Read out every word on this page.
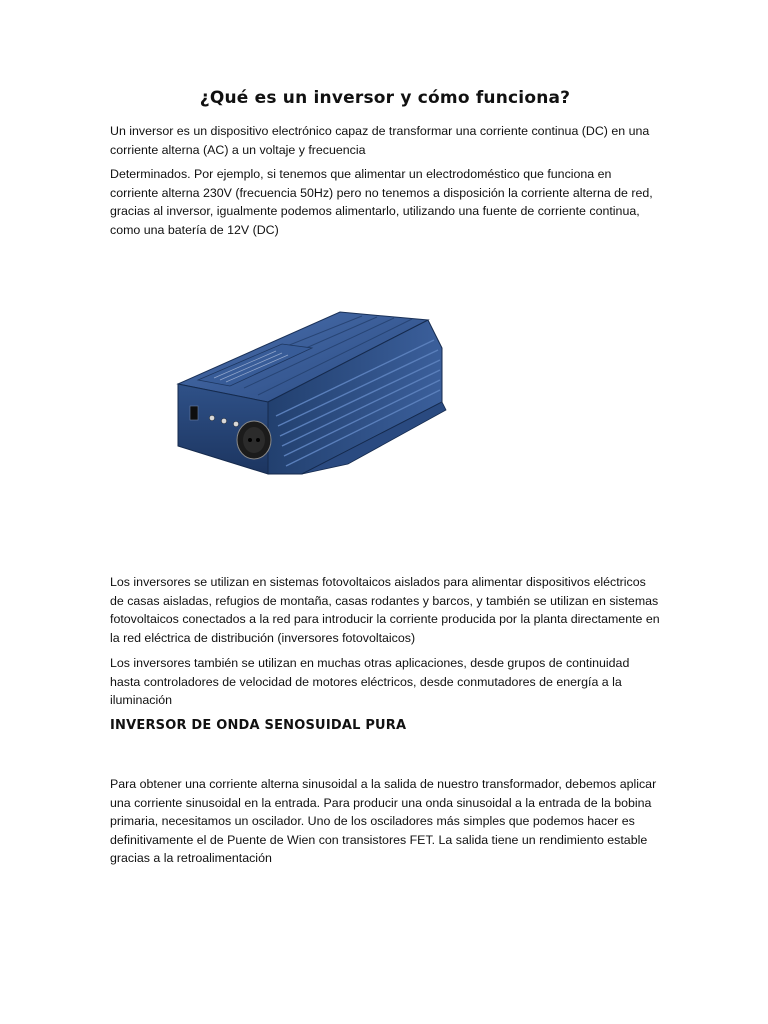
¿Qué es un inversor y cómo funciona?

Un inversor es un dispositivo electrónico capaz de transformar una corriente continua (DC) en una corriente alterna (AC) a un voltaje y frecuencia

Determinados. Por ejemplo, si tenemos que alimentar un electrodoméstico que funciona en corriente alterna 230V (frecuencia 50Hz) pero no tenemos a disposición la corriente alterna de red, gracias al inversor, igualmente podemos alimentarlo, utilizando una fuente de corriente continua, como una batería de 12V (DC)

Los inversores se utilizan en sistemas fotovoltaicos aislados para alimentar dispositivos eléctricos de casas aisladas, refugios de montaña, casas rodantes y barcos, y también se utilizan en sistemas fotovoltaicos conectados a la red para introducir la corriente producida por la planta directamente en la red eléctrica de distribución (inversores fotovoltaicos)

Los inversores también se utilizan en muchas otras aplicaciones, desde grupos de continuidad hasta controladores de velocidad de motores eléctricos, desde conmutadores de energía a la iluminación

INVERSOR DE ONDA SENOSUIDAL PURA

Para obtener una corriente alterna sinusoidal a la salida de nuestro transformador, debemos aplicar una corriente sinusoidal en la entrada. Para producir una onda sinusoidal a la entrada de la bobina primaria, necesitamos un oscilador. Uno de los osciladores más simples que podemos hacer es definitivamente el de Puente de Wien con transistores FET. La salida tiene un rendimiento estable gracias a la retroalimentación
